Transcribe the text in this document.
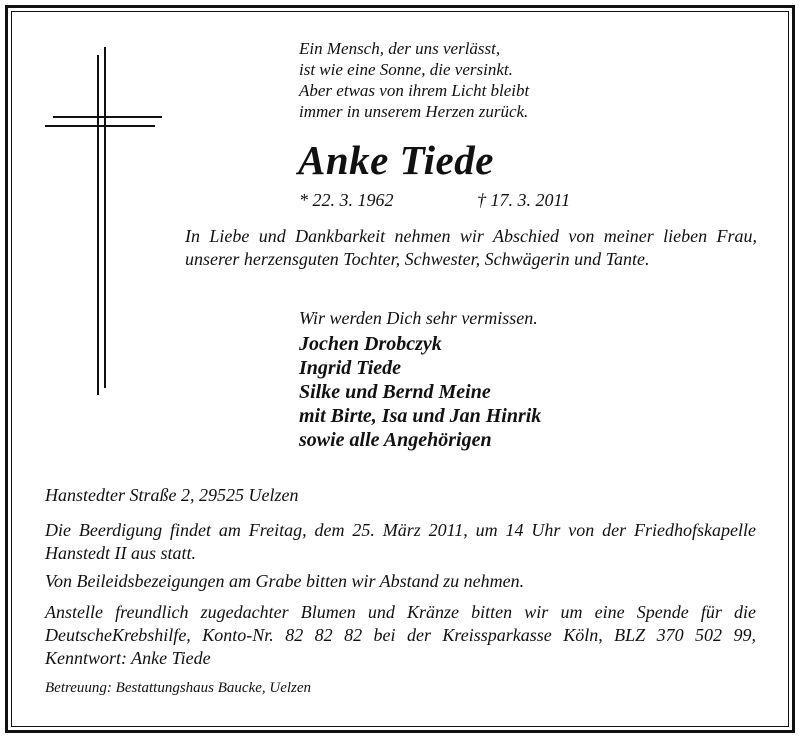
Ein Mensch, der uns verlässt,
ist wie eine Sonne, die versinkt.
Aber etwas von ihrem Licht bleibt
immer in unserem Herzen zurück.
Anke Tiede
* 22. 3. 1962	† 17. 3. 2011
In Liebe und Dankbarkeit nehmen wir Abschied von meiner lieben Frau, unserer herzensguten Tochter, Schwester, Schwägerin und Tante.
Wir werden Dich sehr vermissen.
Jochen Drobczyk
Ingrid Tiede
Silke und Bernd Meine
mit Birte, Isa und Jan Hinrik
sowie alle Angehörigen
Hanstedter Straße 2, 29525 Uelzen
Die Beerdigung findet am Freitag, dem 25. März 2011, um 14 Uhr von der Friedhofskapelle Hanstedt II aus statt.
Von Beileidsbezeigungen am Grabe bitten wir Abstand zu nehmen.
Anstelle freundlich zugedachter Blumen und Kränze bitten wir um eine Spende für die DeutscheKrebshilfe, Konto-Nr. 82 82 82 bei der Kreissparkasse Köln, BLZ 370 502 99, Kenntwort: Anke Tiede
Betreuung: Bestattungshaus Baucke, Uelzen
